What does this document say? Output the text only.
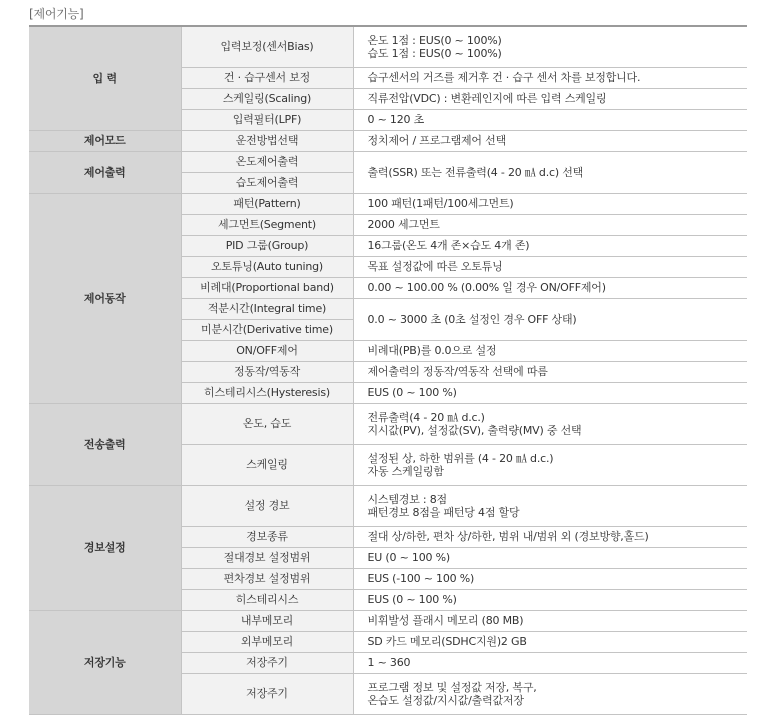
[제어기능]
입 력	입력보정(센서Bias)	온도 1점 : EUS(0 ~ 100%)
습도 1점 : EUS(0 ~ 100%)

	건 · 습구센서 보정	습구센서의 거즈를 제거후 건 · 습구 센서 차를 보정합니다.
	스케일링(Scaling)	직류전압(VDC) : 변환레인지에 따른 입력 스케일링
	입력필터(LPF)	0 ~ 120 초
제어모드	운전방법선택	정치제어 / 프로그램제어 선택
제어출력	온도제어출력	출력(SSR) 또는 전류출력(4 - 20 ㎃ d.c) 선택
	습도제어출력	
제어동작	패턴(Pattern)	100 패턴(1패턴/100세그먼트)
	세그먼트(Segment)	2000 세그먼트
	PID 그룹(Group)	16그룹(온도 4개 존×습도 4개 존)
	오토튜닝(Auto tuning)	목표 설정값에 따른 오토튜닝
	비례대(Proportional band)	0.00 ~ 100.00 % (0.00% 일 경우 ON/OFF제어)
	적분시간(Integral time)	0.0 ~ 3000 초 (0초 설정인 경우 OFF 상태)
	미분시간(Derivative time)	
	ON/OFF제어	비례대(PB)를 0.0으로 설정
	정동작/역동작	제어출력의 정동작/역동작 선택에 따름
	히스테리시스(Hysteresis)	EUS (0 ~ 100 %)
전송출력	온도, 습도	전류출력(4 - 20 ㎃ d.c.)
지시값(PV), 설정값(SV), 출력량(MV) 중 선택

	스케일링	설정된 상, 하한 범위를 (4 - 20 ㎃ d.c.)
자동 스케일링함

경보설정	설정 경보	시스템경보 : 8점
패턴경보 8점을 패턴당 4점 할당

	경보종류	절대 상/하한, 편차 상/하한, 범위 내/범위 외 (경보방향,홀드)
	절대경보 설정범위	EU (0 ~ 100 %)
	편차경보 설정범위	EUS (-100 ~ 100 %)
	히스테리시스	EUS (0 ~ 100 %)
저장기능	내부메모리	비휘발성 플래시 메모리 (80 MB)
	외부메모리	SD 카드 메모리(SDHC지원)2 GB
	저장주기	1 ~ 360
	저장주기	프로그램 정보 및 설정값 저장, 복구,
온습도 설정값/지시값/출력값저장
